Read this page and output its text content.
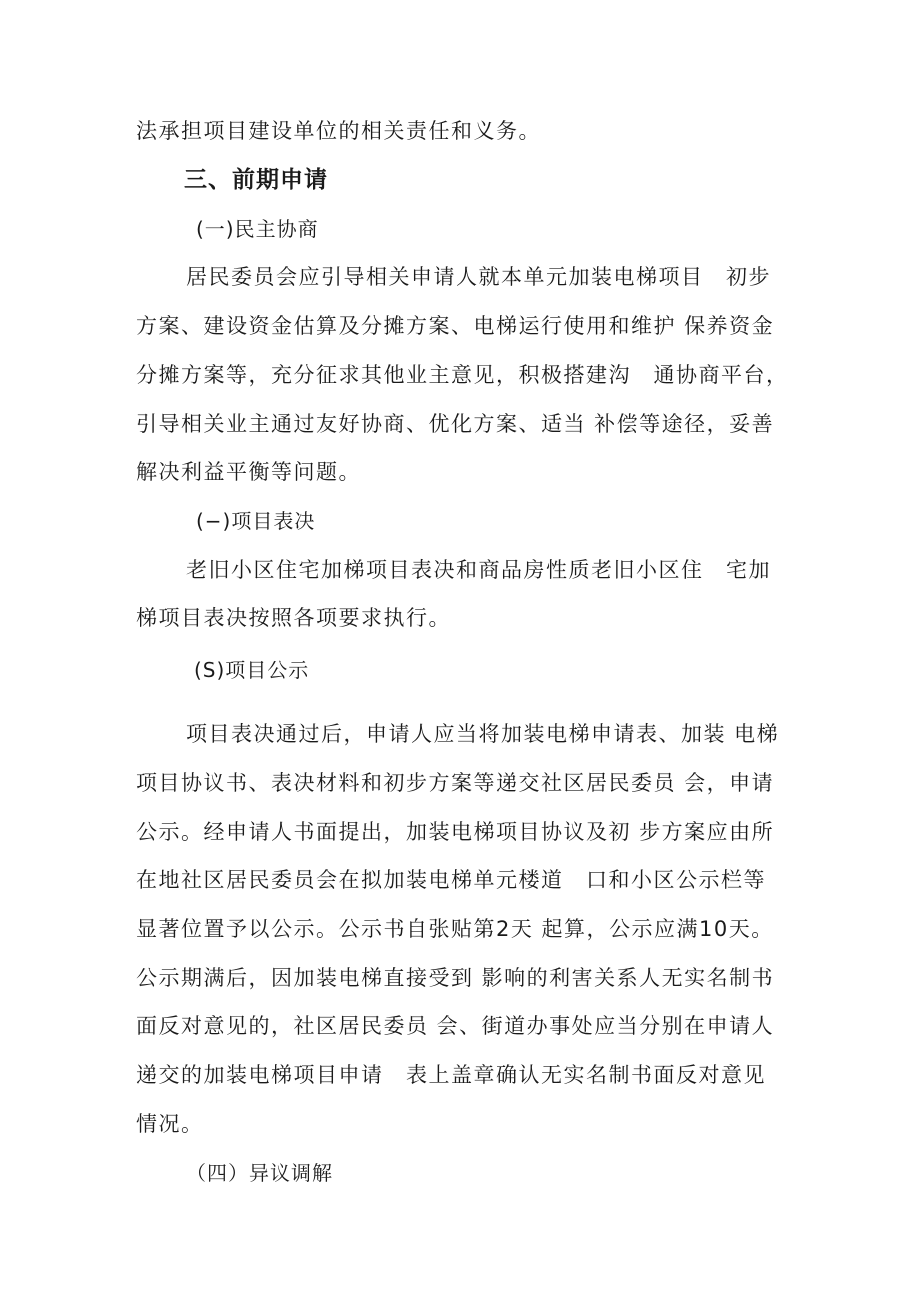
法承担项目建设单位的相关责任和义务。
三、前期申请
(一)民主协商
居民委员会应引导相关申请人就本单元加装电梯项目　初步
方案、建设资金估算及分摊方案、电梯运行使用和维护 保养资金
分摊方案等，充分征求其他业主意见，积极搭建沟　通协商平台，
引导相关业主通过友好协商、优化方案、适当 补偿等途径，妥善
解决利益平衡等问题。
(−)项目表决
老旧小区住宅加梯项目表决和商品房性质老旧小区住　宅加
梯项目表决按照各项要求执行。
(S)项目公示
项目表决通过后，申请人应当将加装电梯申请表、加装 电梯
项目协议书、表决材料和初步方案等递交社区居民委员 会，申请
公示。经申请人书面提出，加装电梯项目协议及初 步方案应由所
在地社区居民委员会在拟加装电梯单元楼道　口和小区公示栏等
显著位置予以公示。公示书自张贴第2天 起算，公示应满10天。
公示期满后，因加装电梯直接受到 影响的利害关系人无实名制书
面反对意见的，社区居民委员 会、街道办事处应当分别在申请人
递交的加装电梯项目申请　表上盖章确认无实名制书面反对意见
情况。
（四）异议调解
